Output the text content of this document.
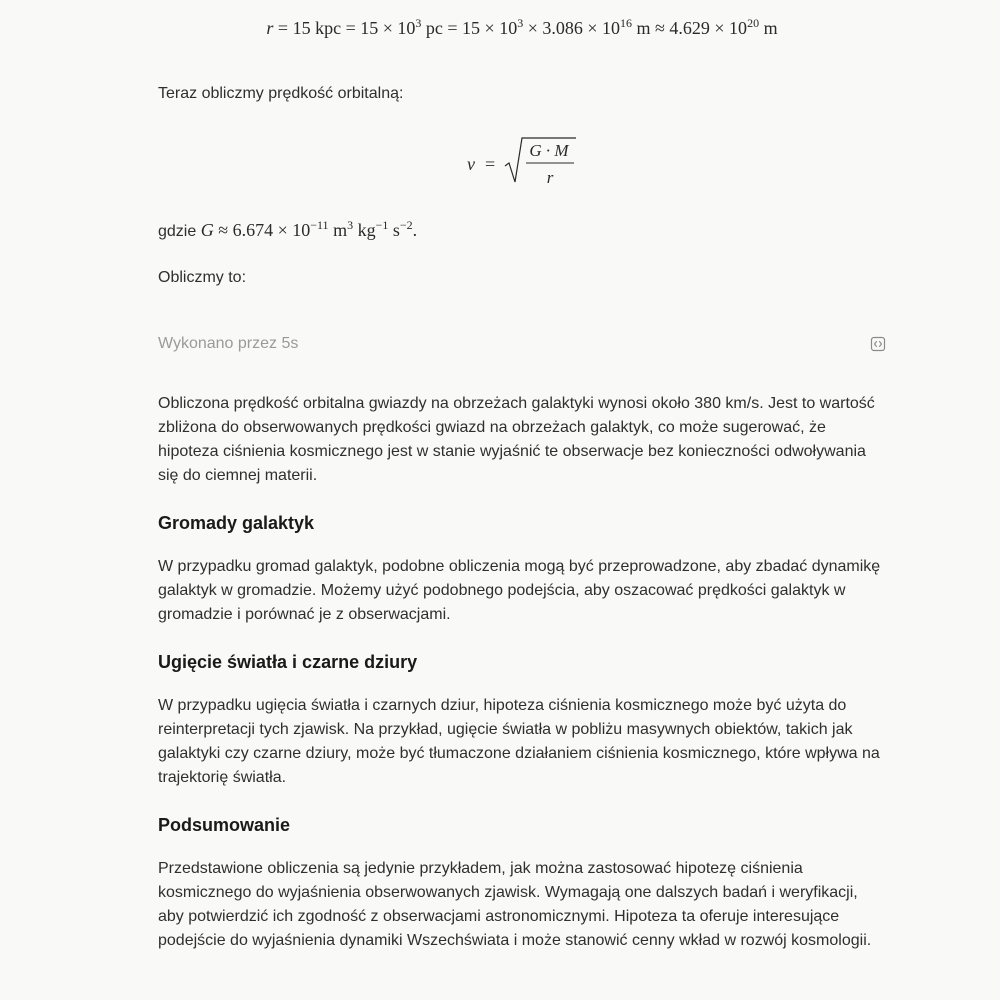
r = 15 kpc = $15 \times 10^3$ pc = $15 \times 10^3 \times 3.086 \times 10^{16}$ $m \approx 4.629 \times 10^{20}$ m

Teraz obliczmy prędkość orbitalną:

v =
G · M
r

gdzie $G \approx 6.674 \times 10^{-11}$ $m^3$ $kg^{-1}$ $s^{-2}$.

Obliczmy to:

Wykonano przez 5s

Obliczona prędkość orbitalna gwiazdy na obrzeżach galaktyki wynosi około 380 km/s. Jest to wartość zbliżona do obserwowanych prędkości gwiazd na obrzeżach galaktyk, co może sugerować, że hipoteza ciśnienia kosmicznego jest w stanie wyjaśnić te obserwacje bez konieczności odwoływania się do ciemnej materii.

Gromady galaktyk

W przypadku gromad galaktyk, podobne obliczenia mogą być przeprowadzone, aby zbadać dynamikę galaktyk w gromadzie. Możemy użyć podobnego podejścia, aby oszacować prędkości galaktyk w gromadzie i porównać je z obserwacjami.

Ugięcie światła i czarne dziury

W przypadku ugięcia światła i czarnych dziur, hipoteza ciśnienia kosmicznego może być użyta do reinterpretacji tych zjawisk. Na przykład, ugięcie światła w pobliżu masywnych obiektów, takich jak galaktyki czy czarne dziury, może być tłumaczone działaniem ciśnienia kosmicznego, które wpływa na trajektorię światła.

Podsumowanie

Przedstawione obliczenia są jedynie przykładem, jak można zastosować hipotezę ciśnienia kosmicznego do wyjaśnienia obserwowanych zjawisk. Wymagają one dalszych badań i weryfikacji, aby potwierdzić ich zgodność z obserwacjami astronomicznymi. Hipoteza ta oferuje interesujące podejście do wyjaśnienia dynamiki Wszechświata i może stanowić cenny wkład w rozwój kosmologii.
